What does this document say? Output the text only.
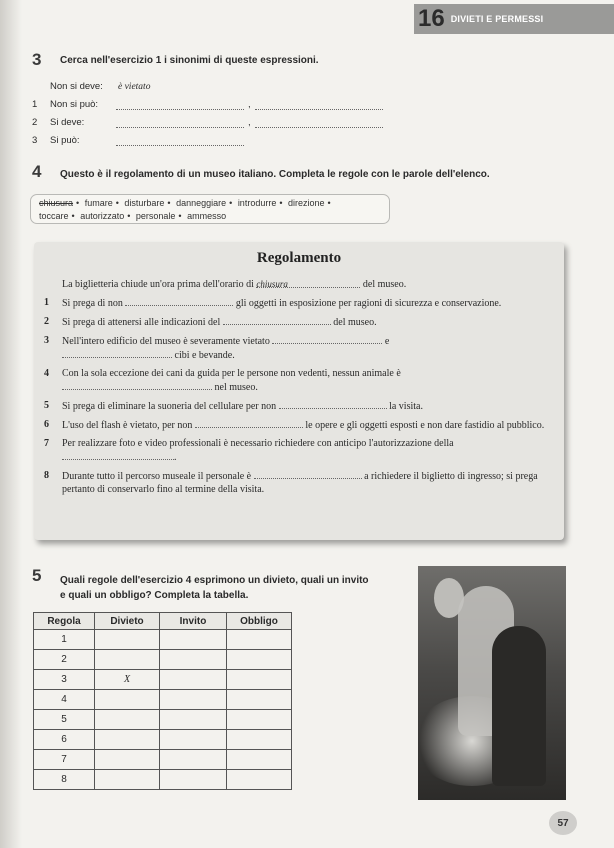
16 DIVIETI E PERMESSI
3 Cerca nell'esercizio 1 i sinonimi di queste espressioni.
Non si deve:	è vietato
1	Non si può:	,
2	Si deve:	,
3	Si può:
4 Questo è il regolamento di un museo italiano. Completa le regole con le parole dell'elenco.
chiusura • fumare • disturbare • danneggiare • introdurre • direzione •
toccare • autorizzato • personale • ammesso
Regolamento
La biglietteria chiude un'ora prima dell'orario di chiusura	del museo.
1 Si prega di non	gli oggetti in esposizione per ragioni di sicurezza e conservazione.
2 Si prega di attenersi alle indicazioni del	del museo.
3 Nell'intero edificio del museo è severamente vietato	e
cibi e bevande.
4 Con la sola eccezione dei cani da guida per le persone non vedenti, nessun animale è
nel museo.
5 Si prega di eliminare la suoneria del cellulare per non	la visita.
6 L'uso del flash è vietato, per non	le opere e gli oggetti esposti e non dare fastidio al pubblico.
7 Per realizzare foto e video professionali è necessario richiedere con anticipo l'autorizzazione della .
8 Durante tutto il percorso museale il personale è	a richiedere il biglietto di ingresso; si prega pertanto di conservarlo fino al termine della visita.
5 Quali regole dell'esercizio 4 esprimono un divieto, quali un invito
e quali un obbligo? Completa la tabella.
Regola	Divieto	Invito	Obbligo
1			
2			
3	X		
4			
5			
6			
7			
8			
57
